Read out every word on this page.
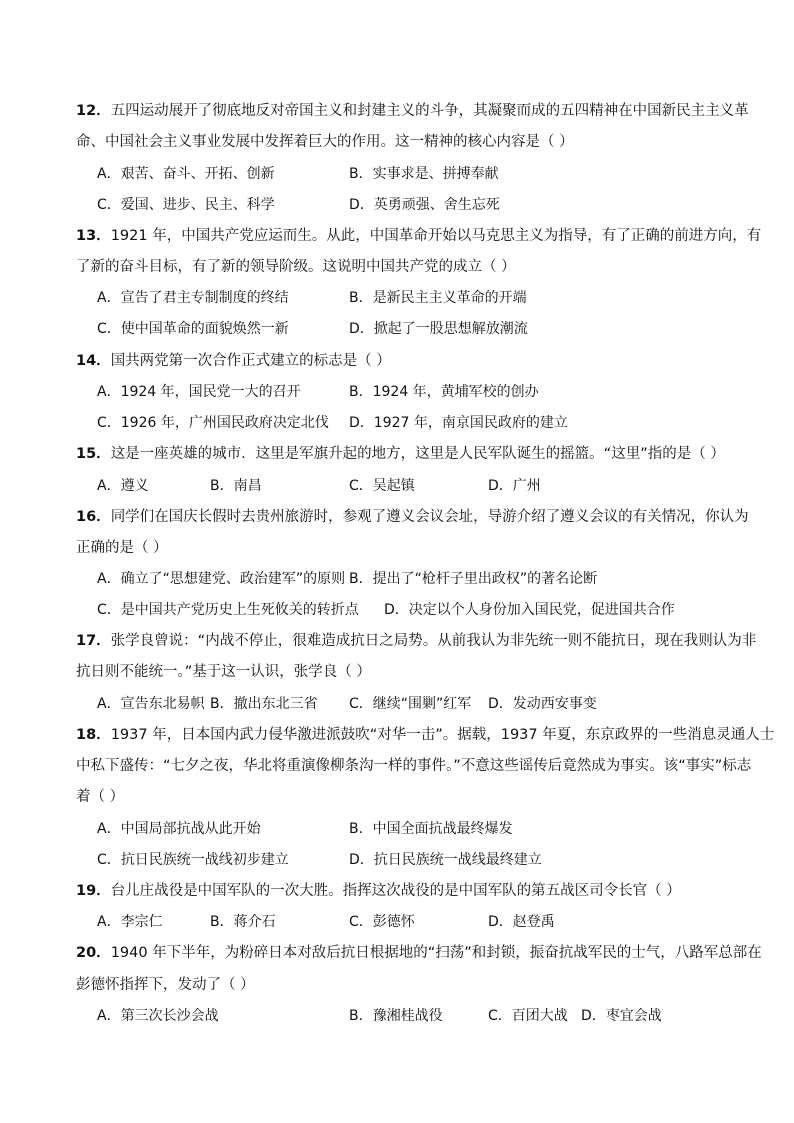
12．五四运动展开了彻底地反对帝国主义和封建主义的斗争，其凝聚而成的五四精神在中国新民主主义革
命、中国社会主义事业发展中发挥着巨大的作用。这一精神的核心内容是（ ）
A．艰苦、奋斗、开拓、创新	B．实事求是、拼搏奉献
C．爱国、进步、民主、科学	D．英勇顽强、舍生忘死
13．1921 年，中国共产党应运而生。从此，中国革命开始以马克思主义为指导，有了正确的前进方向，有
了新的奋斗目标，有了新的领导阶级。这说明中国共产党的成立（ ）
A．宣告了君主专制制度的终结	B．是新民主主义革命的开端
C．使中国革命的面貌焕然一新	D．掀起了一股思想解放潮流
14．国共两党第一次合作正式建立的标志是（ ）
A．1924 年，国民党一大的召开	B．1924 年，黄埔军校的创办
C．1926 年，广州国民政府决定北伐 D．1927 年，南京国民政府的建立
15．这是一座英雄的城市．这里是军旗升起的地方，这里是人民军队诞生的摇篮。“这里”指的是（ ）
A．遵义	B．南昌	C．吴起镇	D．广州
16．同学们在国庆长假时去贵州旅游时，参观了遵义会议会址，导游介绍了遵义会议的有关情况，你认为
正确的是（ ）
A．确立了“思想建党、政治建军”的原则 B．提出了“枪杆子里出政权”的著名论断
C．是中国共产党历史上生死攸关的转折点 D．决定以个人身份加入国民党，促进国共合作
17．张学良曾说：“内战不停止，很难造成抗日之局势。从前我认为非先统一则不能抗日，现在我则认为非
抗日则不能统一。”基于这一认识，张学良（ ）
A．宣告东北易帜 B．撤出东北三省 C．继续“围剿”红军 D．发动西安事变
18．1937 年，日本国内武力侵华激进派鼓吹“对华一击”。据载，1937 年夏，东京政界的一些消息灵通人士
中私下盛传：“七夕之夜，华北将重演像柳条沟一样的事件。”不意这些谣传后竟然成为事实。该“事实”标志
着（ ）
A．中国局部抗战从此开始	B．中国全面抗战最终爆发
C．抗日民族统一战线初步建立	D．抗日民族统一战线最终建立
19．台儿庄战役是中国军队的一次大胜。指挥这次战役的是中国军队的第五战区司令长官（ ）
A．李宗仁	B．蒋介石	C．彭德怀	D．赵登禹
20．1940 年下半年，为粉碎日本对敌后抗日根据地的“扫荡”和封锁，振奋抗战军民的士气，八路军总部在
彭德怀指挥下，发动了（ ）
A．第三次长沙会战	B．豫湘桂战役	C．百团大战 D．枣宜会战
